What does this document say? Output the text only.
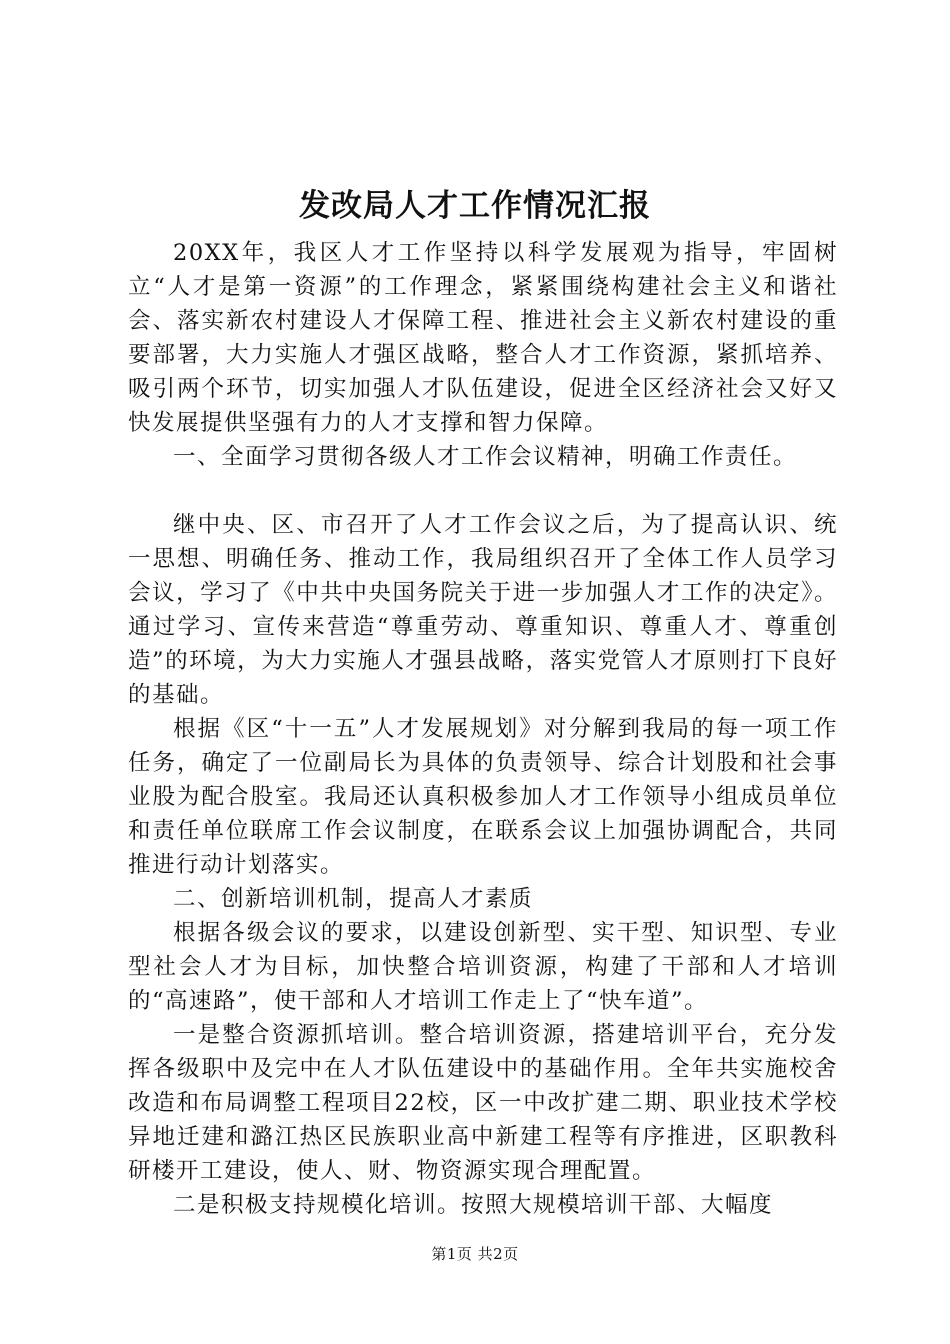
发改局人才工作情况汇报

20XX年，我区人才工作坚持以科学发展观为指导，牢固树立“人才是第一资源”的工作理念，紧紧围绕构建社会主义和谐社会、落实新农村建设人才保障工程、推进社会主义新农村建设的重要部署，大力实施人才强区战略，整合人才工作资源，紧抓培养、吸引两个环节，切实加强人才队伍建设，促进全区经济社会又好又快发展提供坚强有力的人才支撑和智力保障。

一、全面学习贯彻各级人才工作会议精神，明确工作责任。

继中央、区、市召开了人才工作会议之后，为了提高认识、统一思想、明确任务、推动工作，我局组织召开了全体工作人员学习会议，学习了《中共中央国务院关于进一步加强人才工作的决定》。通过学习、宣传来营造“尊重劳动、尊重知识、尊重人才、尊重创造”的环境，为大力实施人才强县战略，落实党管人才原则打下良好的基础。

根据《区“十一五”人才发展规划》对分解到我局的每一项工作任务，确定了一位副局长为具体的负责领导、综合计划股和社会事业股为配合股室。我局还认真积极参加人才工作领导小组成员单位和责任单位联席工作会议制度，在联系会议上加强协调配合，共同推进行动计划落实。

二、创新培训机制，提高人才素质

根据各级会议的要求，以建设创新型、实干型、知识型、专业型社会人才为目标，加快整合培训资源，构建了干部和人才培训的“高速路”，使干部和人才培训工作走上了“快车道”。

一是整合资源抓培训。整合培训资源，搭建培训平台，充分发挥各级职中及完中在人才队伍建设中的基础作用。全年共实施校舍改造和布局调整工程项目22校，区一中改扩建二期、职业技术学校异地迁建和潞江热区民族职业高中新建工程等有序推进，区职教科研楼开工建设，使人、财、物资源实现合理配置。

二是积极支持规模化培训。按照大规模培训干部、大幅度

第1页 共2页
